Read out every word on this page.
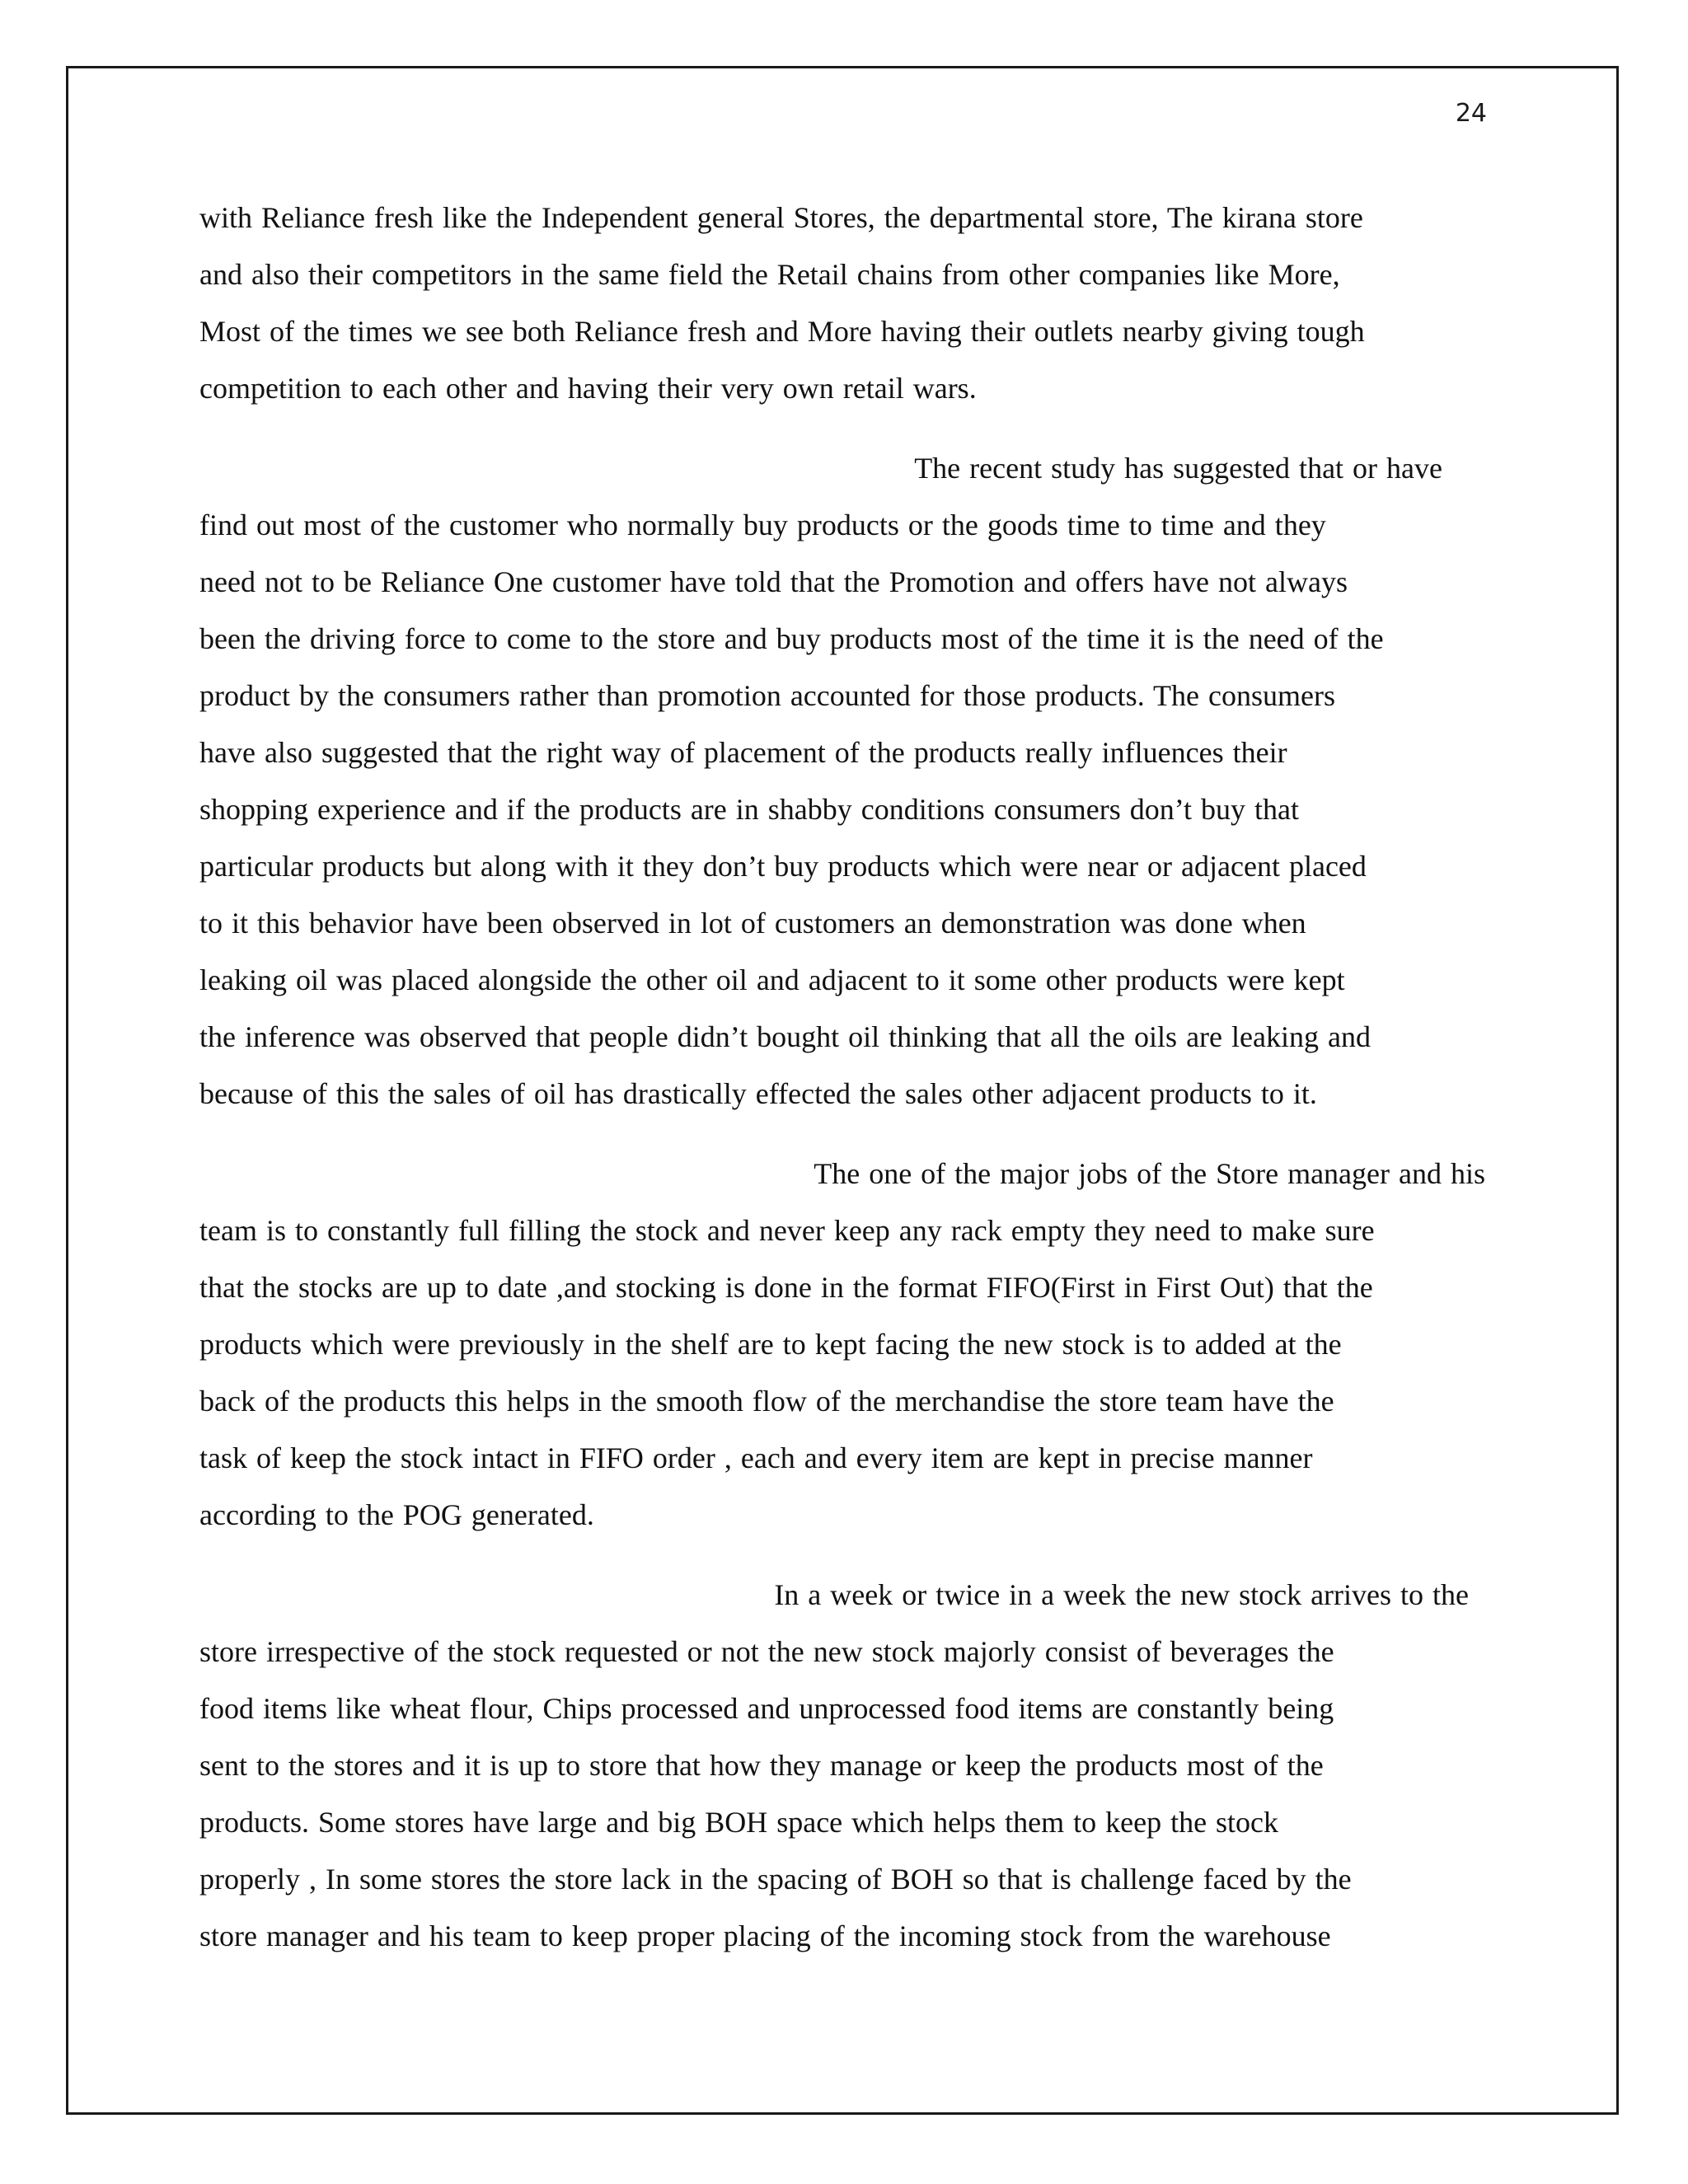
24

with Reliance fresh like the Independent general Stores, the departmental store, The kirana store
and also their competitors in the same field the Retail chains from other companies like More,
Most of the times we see both Reliance fresh and More having their outlets nearby giving tough
competition to each other and having their very own retail wars.

The recent study has suggested that or have
find out most of the customer who normally buy products or the goods time to time and they
need not to be Reliance One customer have told that the Promotion and offers have not always
been the driving force to come to the store and buy products most of the time it is the need of the
product by the consumers rather than promotion accounted for those products. The consumers
have also suggested that the right way of placement of the products really influences their
shopping experience and if the products are in shabby conditions consumers don’t buy that
particular products but along with it they don’t buy products which were near or adjacent placed
to it this behavior have been observed in lot of customers an demonstration was done when
leaking oil was placed alongside the other oil and adjacent to it some other products were kept
the inference was observed that people didn’t bought oil thinking that all the oils are leaking and
because of this the sales of oil has drastically effected the sales other adjacent products to it.

The one of the major jobs of the Store manager and his
team is to constantly full filling the stock and never keep any rack empty they need to make sure
that the stocks are up to date ,and stocking is done in the format FIFO(First in First Out) that the
products which were previously in the shelf are to kept facing the new stock is to added at the
back of the products this helps in the smooth flow of the merchandise the store team have the
task of keep the stock intact in FIFO order , each and every item are kept in precise manner
according to the POG generated.

In a week or twice in a week the new stock arrives to the
store irrespective of the stock requested or not the new stock majorly consist of beverages the
food items like wheat flour, Chips processed and unprocessed food items are constantly being
sent to the stores and it is up to store that how they manage or keep the products most of the
products. Some stores have large and big BOH space which helps them to keep the stock
properly , In some stores the store lack in the spacing of BOH so that is challenge faced by the
store manager and his team to keep proper placing of the incoming stock from the warehouse
